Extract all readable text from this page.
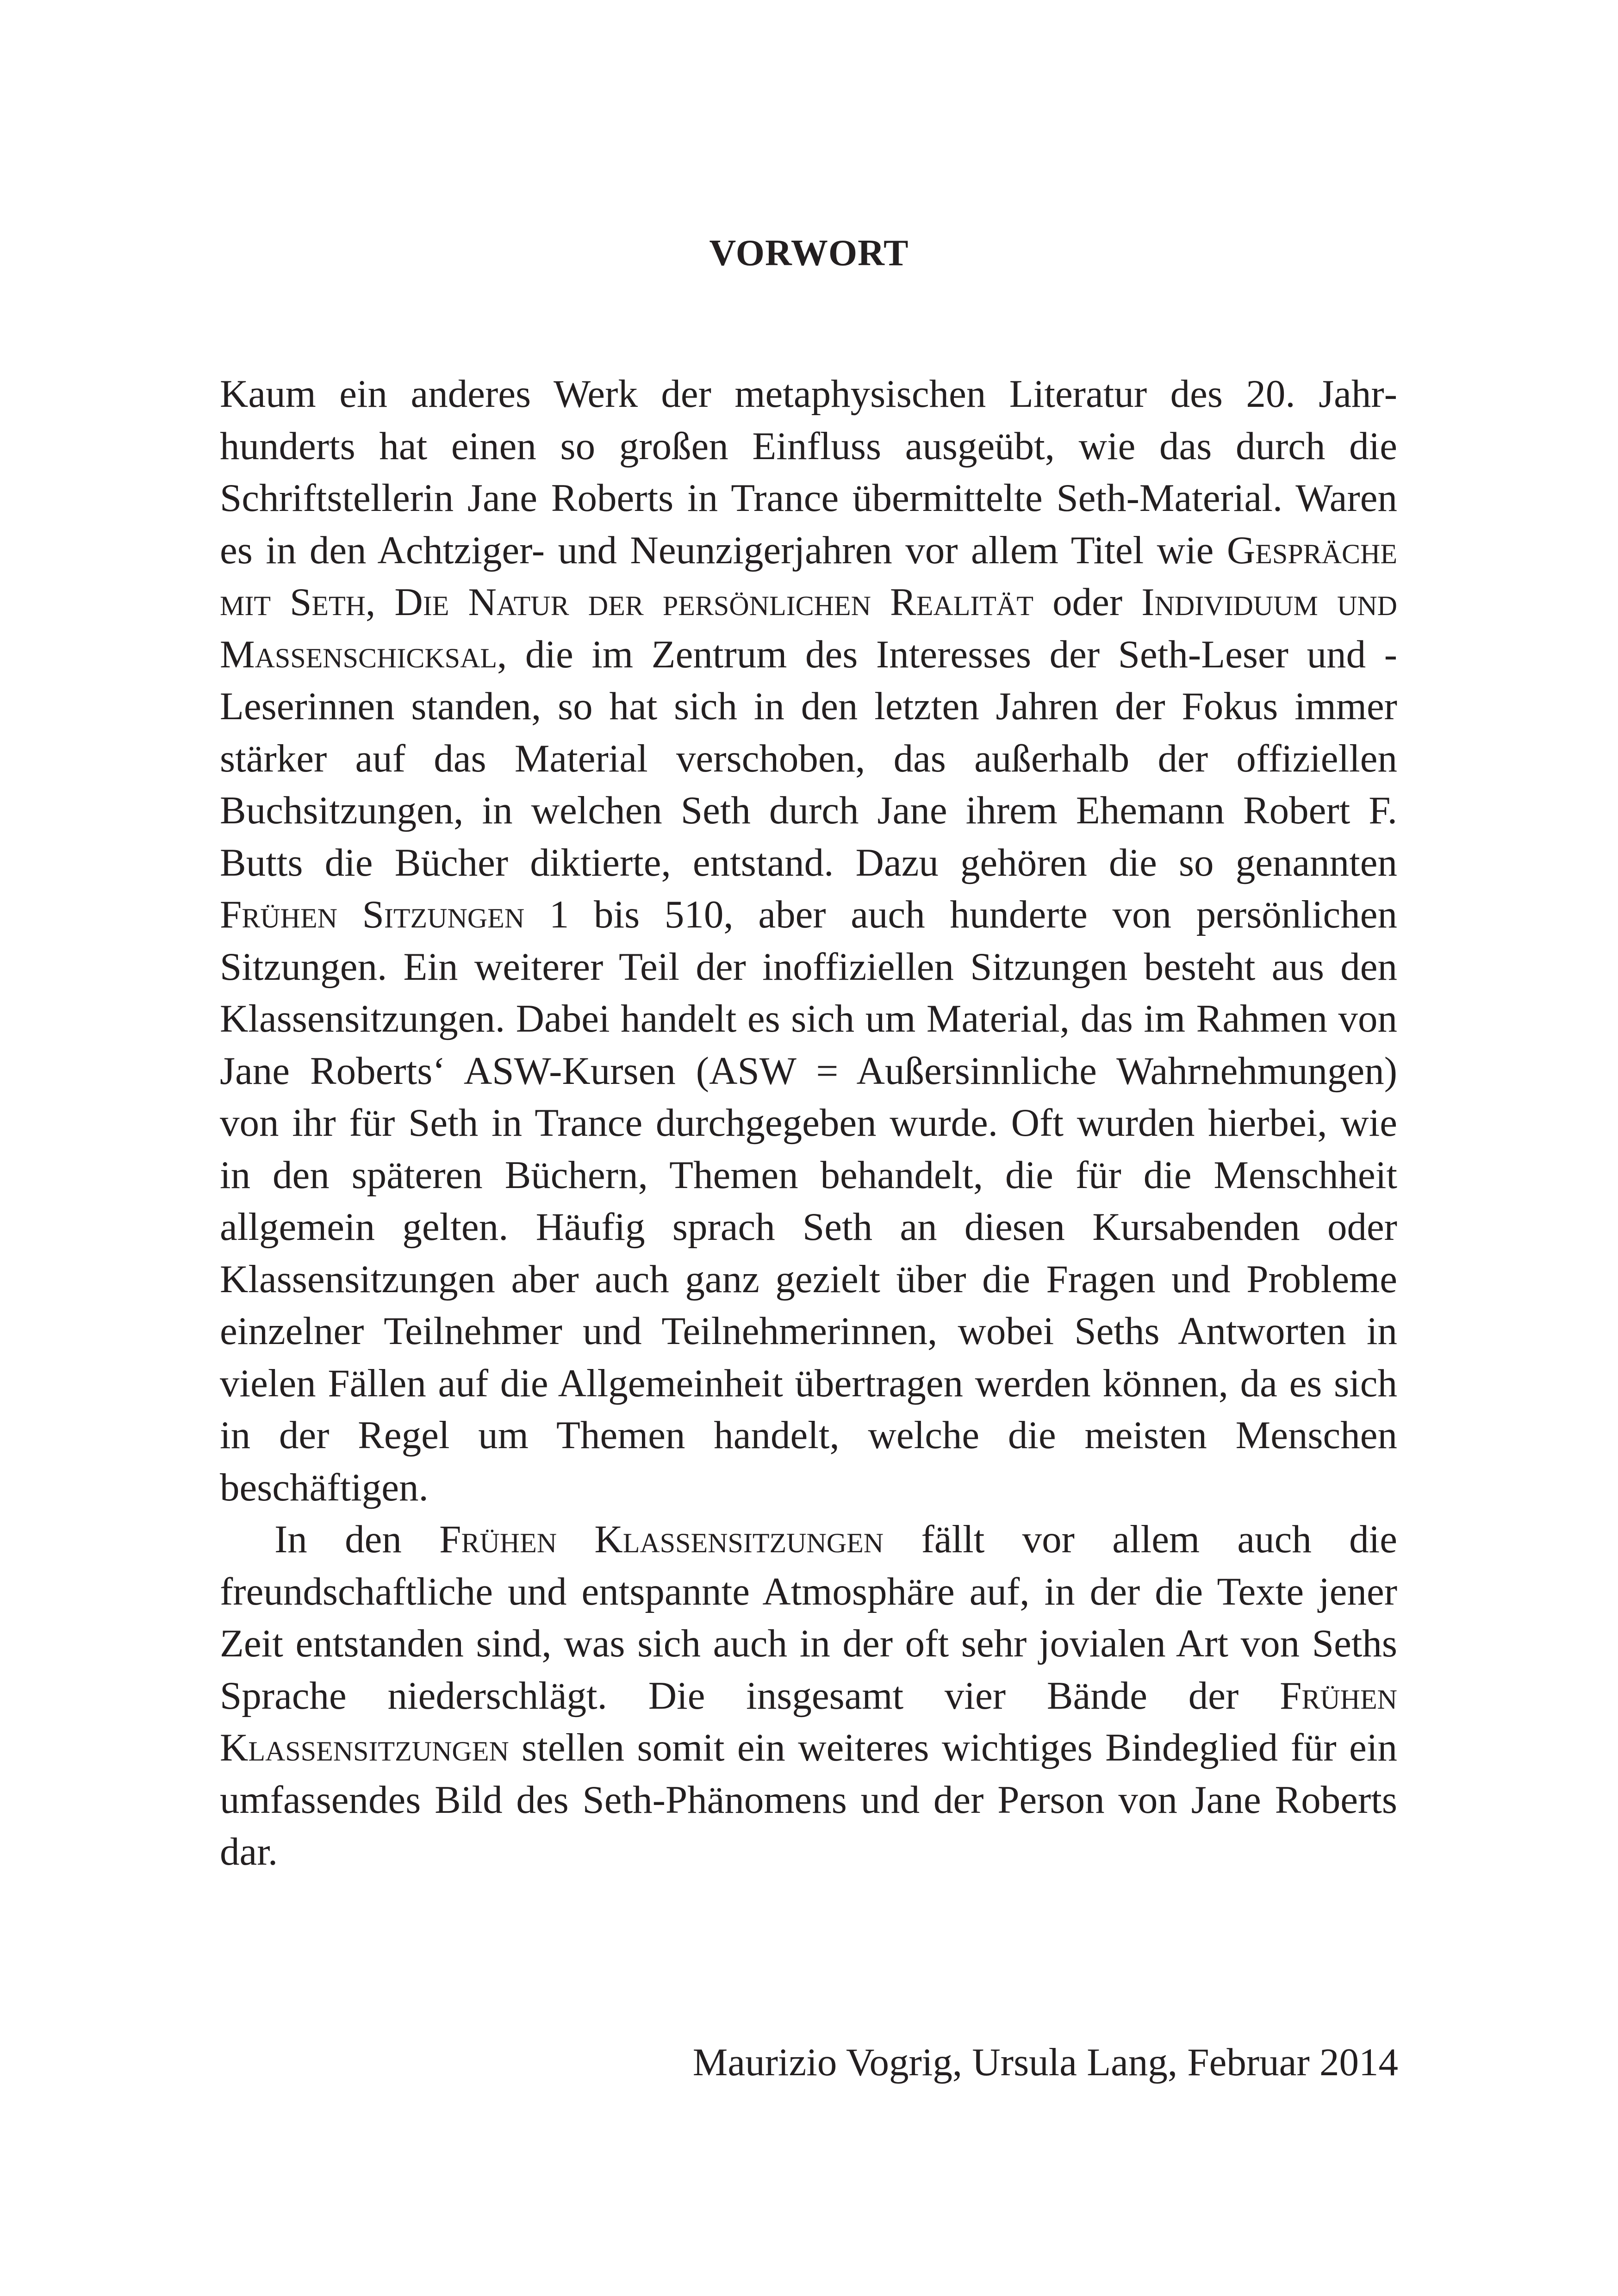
VORWORT

Kaum ein anderes Werk der metaphysischen Literatur des 20. Jahrhunderts hat einen so großen Einfluss ausgeübt, wie das durch die Schriftstellerin Jane Roberts in Trance übermittelte Seth-Material. Waren es in den Achtziger- und Neunzigerjahren vor allem Titel wie Gespräche mit Seth, Die Natur der persönlichen Realität oder Individuum und Massenschicksal, die im Zentrum des Interesses der Seth-Leser und -Leserinnen standen, so hat sich in den letzten Jahren der Fokus immer stärker auf das Material verschoben, das außerhalb der offiziellen Buchsitzungen, in welchen Seth durch Jane ihrem Ehemann Robert F. Butts die Bücher diktierte, entstand. Dazu gehören die so genannten Frühen Sitzungen 1 bis 510, aber auch hunderte von persönlichen Sitzungen. Ein weiterer Teil der inoffiziellen Sitzungen besteht aus den Klassensitzungen. Dabei handelt es sich um Material, das im Rahmen von Jane Roberts‘ ASW-Kursen (ASW = Außersinnliche Wahrnehmungen) von ihr für Seth in Trance durchgegeben wurde. Oft wurden hierbei, wie in den späteren Büchern, Themen behandelt, die für die Menschheit allgemein gelten. Häufig sprach Seth an diesen Kursabenden oder Klassensitzungen aber auch ganz gezielt über die Fragen und Probleme einzelner Teilnehmer und Teilnehmerinnen, wobei Seths Antworten in vielen Fällen auf die Allgemeinheit übertragen werden können, da es sich in der Regel um Themen handelt, welche die meisten Menschen beschäftigen.

In den Frühen Klassensitzungen fällt vor allem auch die freundschaftliche und entspannte Atmosphäre auf, in der die Texte jener Zeit entstanden sind, was sich auch in der oft sehr jovialen Art von Seths Sprache niederschlägt. Die insgesamt vier Bände der Frühen Klassensitzungen stellen somit ein weiteres wichtiges Bindeglied für ein umfassendes Bild des Seth-Phänomens und der Person von Jane Roberts dar.

Maurizio Vogrig, Ursula Lang, Februar 2014
